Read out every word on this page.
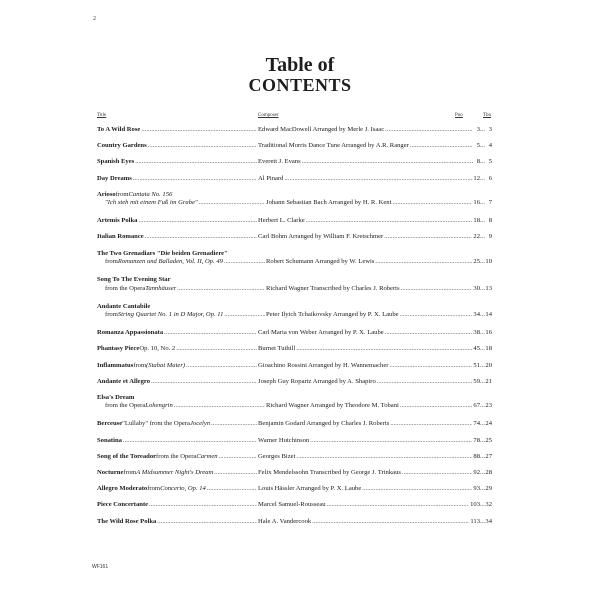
2
Table of
CONTENTS
Title	Composer	Pno	Tbn
To A Wild Rose .....	Edward MacDowell Arranged by Merle J. Isaac .....	3 ........	3
Country Gardens .....	Traditional Morris Dance Tune Arranged by A.R. Ranger .....	5 ........	4
Spanish Eyes .....	Everett J. Evans .....	8 ........	5
Day Dreams .....	Al Pinard .....	12 ........	6
Arioso from Cantata No. 156
"Ich steh mit einem Fuß im Grabe" .....	Johann Sebastian Bach Arranged by H. R. Kent .....	16 ........	7
Artemis Polka .....	Herbert L. Clarke .....	18 ........	8
Italian Romance .....	Carl Bohm Arranged by William F. Kretschmer .....	22 ........	9
The Two Grenadiars "Die beiden Grenadiere"
from Romanzen und Balladen, Vol. II, Op. 49 .....	Robert Schumann Arranged by W. Lewis .....	25 ........ 10
Song To The Evening Star
from the Opera Tannhäuser .....	Richard Wagner Transcribed by Charles J. Roberts .....	30 ........ 13
Andante Cantabile
from String Quartet No. 1 in D Major, Op. 11 .....	Peter Ilyich Tchaikovsky Arranged by P. X. Laube .....	34 ........ 14
Romanza Appassionata .....	Carl Maria von Weber Arranged by P. X. Laube .....	38 ........ 16
Phantasy Piece Op. 10, No. 2 .....	Burnet Tuthill .....	45 ........ 18
Inflammatus from (Stabat Mater) .....	Gioachino Rossini Arranged by H. Wannemacher .....	51 ........ 20
Andante et Allegro .....	Joseph Guy Ropartz Arranged by A. Shapiro .....	59 ........ 21
Elsa's Dream
from the Opera Lohengrin .....	Richard Wagner Arranged by Theodore M. Tobani .....	67 ........ 23
Berceuse "Lullaby" from the Opera Jocelyn .....	Benjamin Godard Arranged by Charles J. Roberts .....	74 ........ 24
Sonatina .....	Warner Hutchinson .....	78 ........ 25
Song of the Toreador from the Opera Carmen .....	Georges Bizet .....	88 ........ 27
Nocturne from A Midsummer Night's Dream .....	Felix Mendelssohn Transcribed by George J. Trinkaus .....	92 ........ 28
Allegro Moderato from Concerto, Op. 14 .....	Louis Hässler Arranged by P. X. Laube .....	93 ........ 29
Piece Concertante .....	Marcel Samuel-Rousseau .....	103 ........ 32
The Wild Rose Polka .....	Hale A. Vandercook .....	113 ........ 34
WF161
